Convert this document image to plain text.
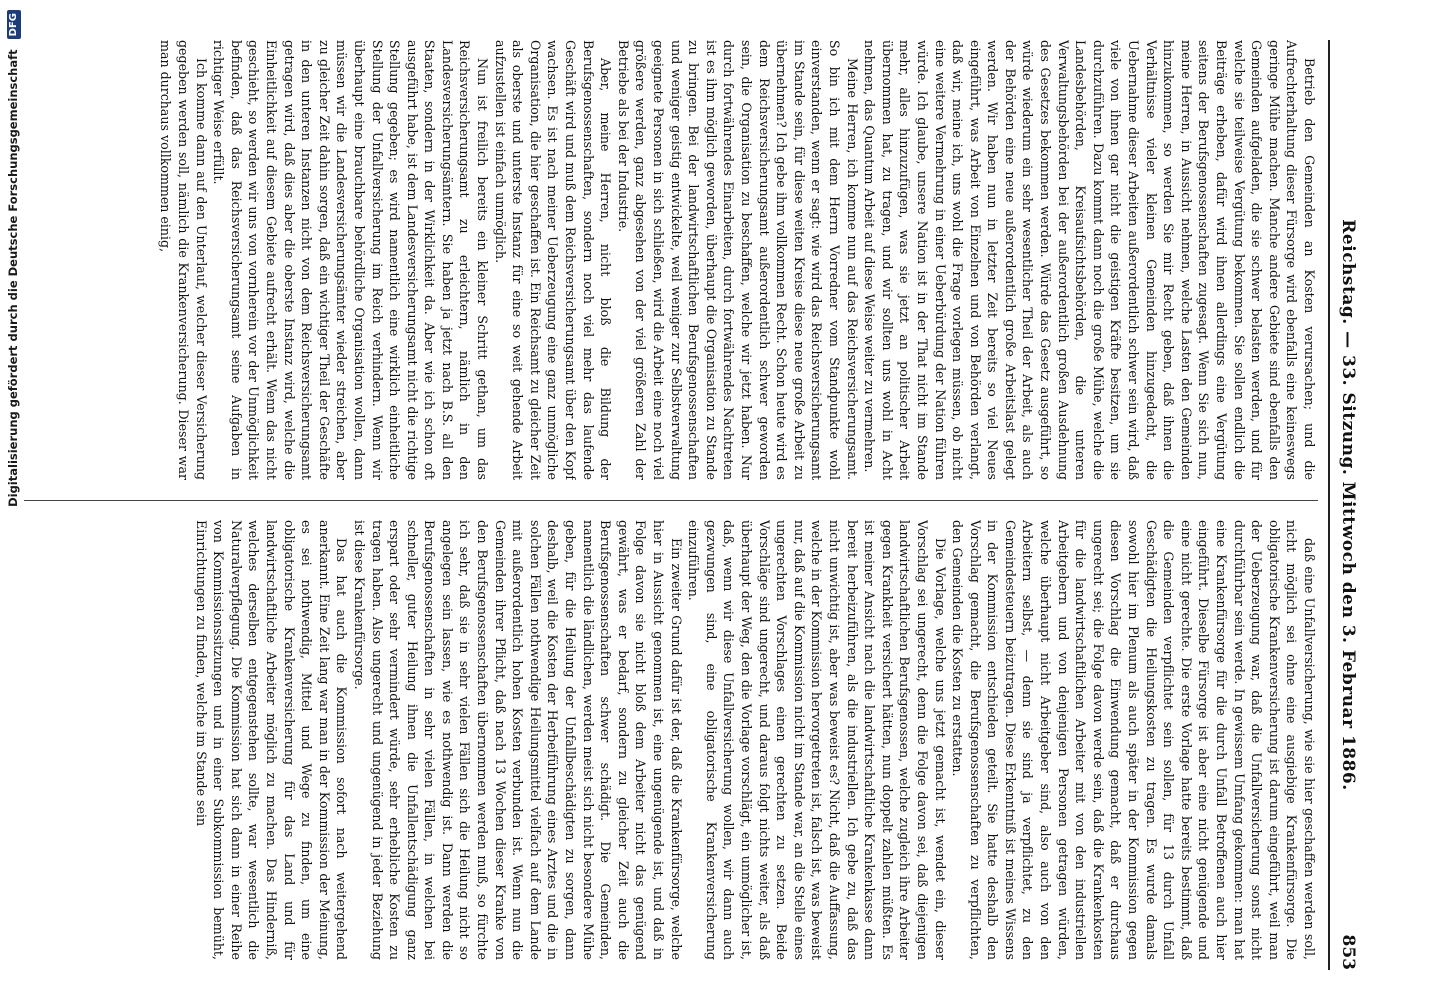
Reichstag. — 33. Sitzung. Mittwoch den 3. Februar 1886.
853

Betrieb den Gemeinden an Kosten verursachen; und die Aufrechterhaltung dieser Fürsorge wird ebenfalls eine keineswegs geringe Mühe machen. Manche andere Gebiete sind ebenfalls den Gemeinden aufgeladen, die sie schwer belasten werden, und für welche sie teilweise Vergütung bekommen. Sie sollen endlich die Beiträge erheben, dafür wird ihnen allerdings eine Vergütung seitens der Berufsgenossenschaften zugesagt. Wenn Sie sich nun, meine Herren, in Aussicht nehmen, welche Lasten den Gemeinden hinzukommen, so werden Sie mir Recht geben, daß ihnen die Verhältnisse vieler kleinen Gemeinden hinzugedacht, die Uebernahme dieser Arbeiten außerordentlich schwer sein wird, daß viele von ihnen gar nicht die geistigen Kräfte besitzen, um sie durchzuführen. Dazu kommt dann noch die große Mühe, welche die Landesbehörden, Kreisaufsichtsbehörden, die unteren Verwaltungsbehörden bei der außerordentlich großen Ausdehnung des Gesetzes bekommen werden. Würde das Gesetz ausgeführt, so würde wiederum ein sehr wesentlicher Theil der Arbeit, als auch der Behörden eine neue außerordentlich große Arbeitslast gelegt werden. Wir haben nun in letzter Zeit bereits so viel Neues eingeführt, was Arbeit von Einzelnen und von Behörden verlangt, daß wir, meine ich, uns wohl die Frage vorlegen müssen, ob nicht eine weitere Vermehrung in einer Ueberbürdung der Nation führen würde. Ich glaube, unsere Nation ist in der That nicht im Stande mehr, alles hinzuzufügen, was sie jetzt an politischer Arbeit übernommen hat, zu tragen, und wir sollten uns wohl in Acht nehmen, das Quantum Arbeit auf diese Weise weiter zu vermehren.

Meine Herren, ich komme nun auf das Reichsversicherungsamt. So bin ich mit dem Herrn Vorredner vom Standpunkte wohl einverstanden, wenn er sagt: wie wird das Reichsversicherungsamt im Stande sein, für diese weiten Kreise diese neue große Arbeit zu übernehmen? Ich gebe ihm vollkommen Recht. Schon heute wird es dem Reichsversicherungsamt außerordentlich schwer geworden sein, die Organisation zu beschaffen, welche wir jetzt haben. Nur durch fortwährendes Einarbeiten, durch fortwährendes Nachtreten ist es ihm möglich geworden, überhaupt die Organisation zu Stande zu bringen. Bei der landwirtschaftlichen Berufsgenossenschaften und weniger geistig entwickelte, weil weniger zur Selbstverwaltung geeignete Personen in sich schließen, wird die Arbeit eine noch viel größere werden, ganz abgesehen von der viel größeren Zahl der Betriebe als bei der Industrie.

Aber, meine Herren, nicht bloß die Bildung der Berufsgenossenschaften, sondern noch viel mehr das laufende Geschäft wird und muß dem Reichsversicherungsamt über den Kopf wachsen. Es ist nach meiner Ueberzeugung eine ganz unmögliche Organisation, die hier geschaffen ist. Ein Reichsamt zu gleicher Zeit als oberste und unterste Instanz für eine so weit gehende Arbeit aufzustellen ist einfach unmöglich.

Nun ist freilich bereits ein kleiner Schritt gethan, um das Reichsversicherungsamt zu erleichtern, nämlich in den Landesversicherungsämtern. Sie haben ja jetzt nach B.S. all den Staaten, sondern in der Wirklichkeit da. Aber wie ich schon oft ausgeführt habe, ist dem Landesversicherungsamt nicht die richtige Stellung gegeben; es wird namentlich eine wirklich einheitliche Stellung der Unfallversicherung im Reich verhindern. Wenn wir überhaupt eine brauchbare behördliche Organisation wollen, dann müssen wir die Landesversicherungsämter wieder streichen, aber zu gleicher Zeit dahin sorgen, daß ein wichtiger Theil der Geschäfte in den unteren Instanzen nicht von dem Reichsversicherungsamt getragen wird, daß dies aber die oberste Instanz wird, welche die Einheitlichkeit auf diesem Gebiete aufrecht erhält. Wenn das nicht geschieht, so werden wir uns von vornherein vor der Unmöglichkeit befinden, daß das Reichsversicherungsamt seine Aufgaben in richtiger Weise erfüllt.

Ich komme dann auf den Unterlauf, welcher dieser Versicherung gegeben werden soll, nämlich die Krankenversicherung. Dieser war man durchaus vollkommen einig,

daß eine Unfallversicherung, wie sie hier geschaffen werden soll, nicht möglich sei ohne eine ausgiebige Krankenfürsorge. Die obligatorische Krankenversicherung ist darum eingeführt, weil man der Ueberzeugung war, daß die Unfallversicherung sonst nicht durchführbar sein werde. In gewissem Umfang gekommen: man hat eine Krankenfürsorge für die durch Unfall Betroffenen auch hier eingeführt. Dieselbe Fürsorge ist aber eine nicht genügende und eine nicht gerechte. Die erste Vorlage hatte bereits bestimmt, daß die Gemeinden verpflichtet sein sollen, für 13 durch Unfall Geschädigten die Heilungskosten zu tragen. Es wurde damals sowohl hier im Plenum als auch später in der Kommission gegen diesen Vorschlag die Einwendung gemacht, daß er durchaus ungerecht sei; die Folge davon werde sein, daß die Krankenkosten für die landwirtschaftlichen Arbeiter mit von den industriellen Arbeitgebern und von denjenigen Personen getragen würden, welche überhaupt nicht Arbeitgeber sind, also auch von den Arbeitern selbst, — denn sie sind ja verpflichtet, zu den Gemeindesteuern beizutragen. Diese Erkenntniß ist meines Wissens in der Kommission entschieden geteilt. Sie hatte deshalb den Vorschlag gemacht, die Berufsgenossenschaften zu verpflichten, den Gemeinden die Kosten zu erstatten.

Die Vorlage, welche uns jetzt gemacht ist, wendet ein, dieser Vorschlag sei ungerecht, denn die Folge davon sei, daß diejenigen landwirtschaftlichen Berufsgenossen, welche zugleich ihre Arbeiter gegen Krankheit versichert hätten, nun doppelt zahlen müßten. Es ist meiner Ansicht nach die landwirtschaftliche Krankenkasse dann bereit herbeizuführen, als die industriellen. Ich gebe zu, daß das nicht unwichtig ist, aber was beweist es? Nicht, daß die Auffassung, welche in der Kommission hervorgetreten ist, falsch ist, was beweist nur, daß auf die Kommission nicht im Stande war, an die Stelle eines ungerechten Vorschlages einen gerechten zu setzen. Beide Vorschläge sind ungerecht, und daraus folgt nichts weiter, als daß überhaupt der Weg, den die Vorlage vorschlägt, ein unmöglicher ist, daß, wenn wir diese Unfallversicherung wollen, wir dann auch gezwungen sind, eine obligatorische Krankenversicherung einzuführen.

Ein zweiter Grund dafür ist der, daß die Krankenfürsorge, welche hier in Aussicht genommen ist, eine ungenügende ist, und daß in Folge davon sie nicht bloß dem Arbeiter nicht das genügend gewährt, was er bedarf, sondern zu gleicher Zeit auch die Berufsgenossenschaften schwer schädigt. Die Gemeinden, namentlich die ländlichen, werden meist sich nicht besondere Mühe geben, für die Heilung der Unfallbeschädigten zu sorgen, dann deshalb, weil die Kosten der Herbeiführung eines Arztes und die in solchen Fällen nothwendige Heilungsmittel vielfach auf dem Lande mit außerordentlich hohen Kosten verbunden ist. Wenn nun die Gemeinden ihrer Pflicht, daß nach 13 Wochen dieser Kranke von den Berufsgenossenschaften übernommen werden muß, so fürchte ich sehr, daß sie in sehr vielen Fällen sich die Heilung nicht so angelegen sein lassen, wie es nothwendig ist. Dann werden die Berufsgenossenschaften in sehr vielen Fällen, in welchen bei schneller, guter Heilung ihnen die Unfallentschädigung ganz erspart oder sehr vermindert würde, sehr erhebliche Kosten zu tragen haben. Also ungerecht und ungenügend in jeder Beziehung ist diese Krankenfürsorge.

Das hat auch die Kommission sofort nach weitergehend anerkannt. Eine Zeit lang war man in der Kommission der Meinung, es sei nothwendig, Mittel und Wege zu finden, um eine obligatorische Krankenversicherung für das Land und für landwirtschaftliche Arbeiter möglich zu machen. Das Hinderniß, welches derselben entgegenstehen sollte, war wesentlich die Naturalverpflegung. Die Kommission hat sich dann in einer Reihe von Kommissionssitzungen und in einer Subkommission bemüht, Einrichtungen zu finden, welche im Stande sein

Digitalisierung gefördert durch die Deutsche Forschungsgemeinschaft DFG
